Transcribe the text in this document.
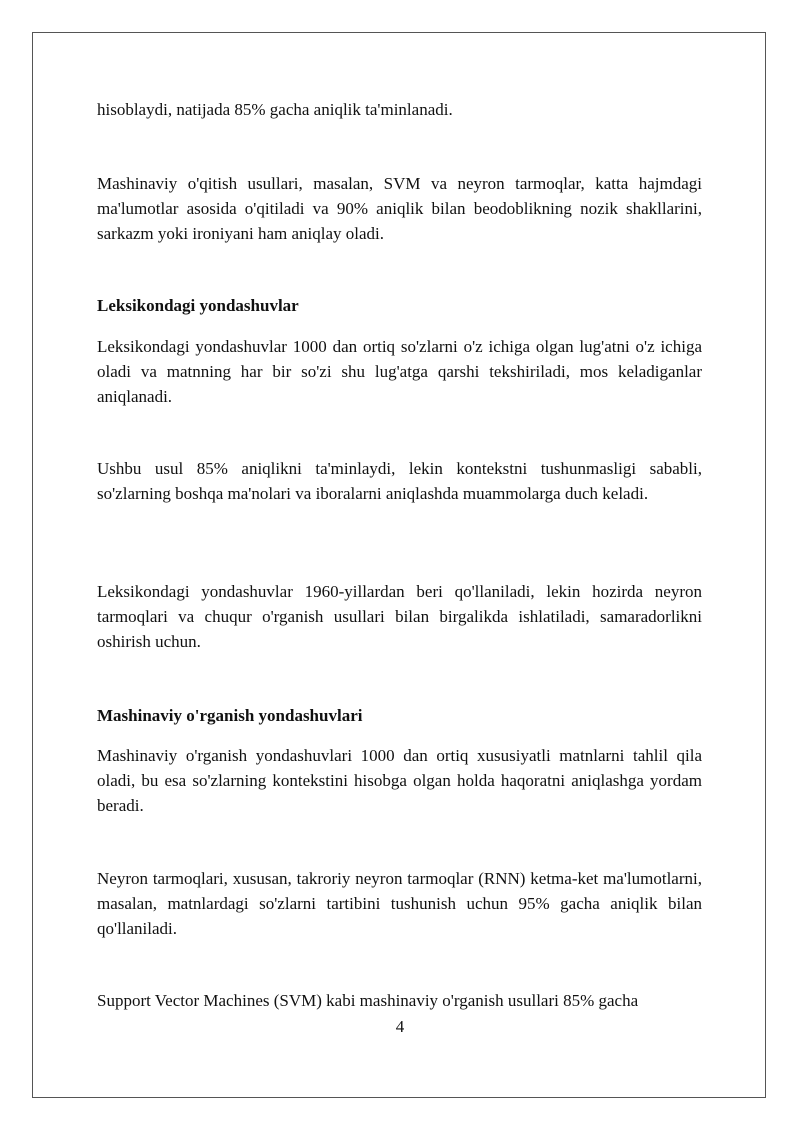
hisoblaydi, natijada 85% gacha aniqlik ta'minlanadi.

Mashinaviy o'qitish usullari, masalan, SVM va neyron tarmoqlar, katta hajmdagi ma'lumotlar asosida o'qitiladi va 90% aniqlik bilan beodoblikning nozik shakllarini, sarkazm yoki ironiyani ham aniqlay oladi.

Leksikondagi yondashuvlar

Leksikondagi yondashuvlar 1000 dan ortiq so'zlarni o'z ichiga olgan lug'atni o'z ichiga oladi va matnning har bir so'zi shu lug'atga qarshi tekshiriladi, mos keladiganlar aniqlanadi.

Ushbu usul 85% aniqlikni ta'minlaydi, lekin kontekstni tushunmasligi sababli, so'zlarning boshqa ma'nolari va iboralarni aniqlashda muammolarga duch keladi.

Leksikondagi yondashuvlar 1960-yillardan beri qo'llaniladi, lekin hozirda neyron tarmoqlari va chuqur o'rganish usullari bilan birgalikda ishlatiladi, samaradorlikni oshirish uchun.

Mashinaviy o'rganish yondashuvlari

Mashinaviy o'rganish yondashuvlari 1000 dan ortiq xususiyatli matnlarni tahlil qila oladi, bu esa so'zlarning kontekstini hisobga olgan holda haqoratni aniqlashga yordam beradi.

Neyron tarmoqlari, xususan, takroriy neyron tarmoqlar (RNN) ketma-ket ma'lumotlarni, masalan, matnlardagi so'zlarni tartibini tushunish uchun 95% gacha aniqlik bilan qo'llaniladi.

Support Vector Machines (SVM) kabi mashinaviy o'rganish usullari 85% gacha

4
